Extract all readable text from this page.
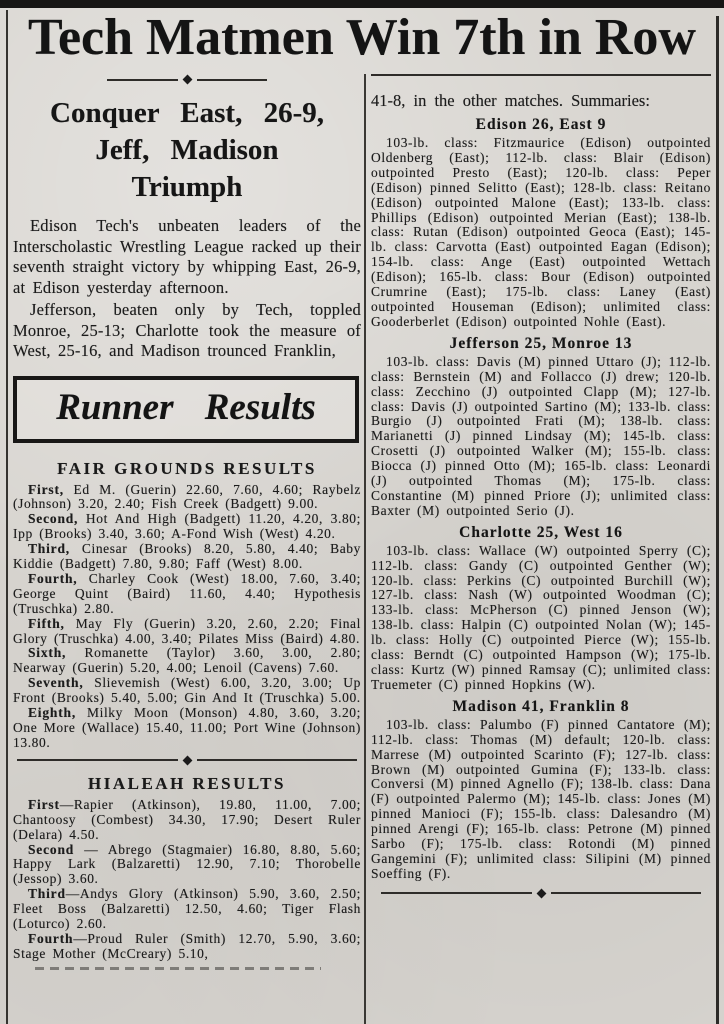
Tech Matmen Win 7th in Row
Conquer East, 26-9,
Jeff, Madison
Triumph

Edison Tech's unbeaten leaders of the Interscholastic Wrestling League racked up their seventh straight victory by whipping East, 26-9, at Edison yesterday afternoon.

Jefferson, beaten only by Tech, toppled Monroe, 25-13; Charlotte took the measure of West, 25-16, and Madison trounced Franklin,

Runner Results
FAIR GROUNDS RESULTS

First, Ed M. (Guerin) 22.60, 7.60, 4.60; Raybelz (Johnson) 3.20, 2.40; Fish Creek (Badgett) 9.00.

Second, Hot And High (Badgett) 11.20, 4.20, 3.80; Ipp (Brooks) 3.40, 3.60; A-Fond Wish (West) 4.20.

Third, Cinesar (Brooks) 8.20, 5.80, 4.40; Baby Kiddie (Badgett) 7.80, 9.80; Faff (West) 8.00.

Fourth, Charley Cook (West) 18.00, 7.60, 3.40; George Quint (Baird) 11.60, 4.40; Hypothesis (Truschka) 2.80.

Fifth, May Fly (Guerin) 3.20, 2.60, 2.20; Final Glory (Truschka) 4.00, 3.40; Pilates Miss (Baird) 4.80.

Sixth, Romanette (Taylor) 3.60, 3.00, 2.80; Nearway (Guerin) 5.20, 4.00; Lenoil (Cavens) 7.60.

Seventh, Slievemish (West) 6.00, 3.20, 3.00; Up Front (Brooks) 5.40, 5.00; Gin And It (Truschka) 5.00.

Eighth, Milky Moon (Monson) 4.80, 3.60, 3.20; One More (Wallace) 15.40, 11.00; Port Wine (Johnson) 13.80.

HIALEAH RESULTS

First—Rapier (Atkinson), 19.80, 11.00, 7.00; Chantoosy (Combest) 34.30, 17.90; Desert Ruler (Delara) 4.50.

Second — Abrego (Stagmaier) 16.80, 8.80, 5.60; Happy Lark (Balzaretti) 12.90, 7.10; Thorobelle (Jessop) 3.60.

Third—Andys Glory (Atkinson) 5.90, 3.60, 2.50; Fleet Boss (Balzaretti) 12.50, 4.60; Tiger Flash (Loturco) 2.60.

Fourth—Proud Ruler (Smith) 12.70, 5.90, 3.60; Stage Mother (McCreary) 5.10,

41-8, in the other matches. Summaries:

Edison 26, East 9

103-lb. class: Fitzmaurice (Edison) outpointed Oldenberg (East); 112-lb. class: Blair (Edison) outpointed Presto (East); 120-lb. class: Peper (Edison) pinned Selitto (East); 128-lb. class: Reitano (Edison) outpointed Malone (East); 133-lb. class: Phillips (Edison) outpointed Merian (East); 138-lb. class: Rutan (Edison) outpointed Geoca (East); 145-lb. class: Carvotta (East) outpointed Eagan (Edison); 154-lb. class: Ange (East) outpointed Wettach (Edison); 165-lb. class: Bour (Edison) outpointed Crumrine (East); 175-lb. class: Laney (East) outpointed Houseman (Edison); unlimited class: Gooderberlet (Edison) outpointed Nohle (East).

Jefferson 25, Monroe 13

103-lb. class: Davis (M) pinned Uttaro (J); 112-lb. class: Bernstein (M) and Follacco (J) drew; 120-lb. class: Zecchino (J) outpointed Clapp (M); 127-lb. class: Davis (J) outpointed Sartino (M); 133-lb. class: Burgio (J) outpointed Frati (M); 138-lb. class: Marianetti (J) pinned Lindsay (M); 145-lb. class: Crosetti (J) outpointed Walker (M); 155-lb. class: Biocca (J) pinned Otto (M); 165-lb. class: Leonardi (J) outpointed Thomas (M); 175-lb. class: Constantine (M) pinned Priore (J); unlimited class: Baxter (M) outpointed Serio (J).

Charlotte 25, West 16

103-lb. class: Wallace (W) outpointed Sperry (C); 112-lb. class: Gandy (C) outpointed Genther (W); 120-lb. class: Perkins (C) outpointed Burchill (W); 127-lb. class: Nash (W) outpointed Woodman (C); 133-lb. class: McPherson (C) pinned Jenson (W); 138-lb. class: Halpin (C) outpointed Nolan (W); 145-lb. class: Holly (C) outpointed Pierce (W); 155-lb. class: Berndt (C) outpointed Hampson (W); 175-lb. class: Kurtz (W) pinned Ramsay (C); unlimited class: Truemeter (C) pinned Hopkins (W).

Madison 41, Franklin 8

103-lb. class: Palumbo (F) pinned Cantatore (M); 112-lb. class: Thomas (M) default; 120-lb. class: Marrese (M) outpointed Scarinto (F); 127-lb. class: Brown (M) outpointed Gumina (F); 133-lb. class: Conversi (M) pinned Agnello (F); 138-lb. class: Dana (F) outpointed Palermo (M); 145-lb. class: Jones (M) pinned Manioci (F); 155-lb. class: Dalesandro (M) pinned Arengi (F); 165-lb. class: Petrone (M) pinned Sarbo (F); 175-lb. class: Rotondi (M) pinned Gangemini (F); unlimited class: Silipini (M) pinned Soeffing (F).
